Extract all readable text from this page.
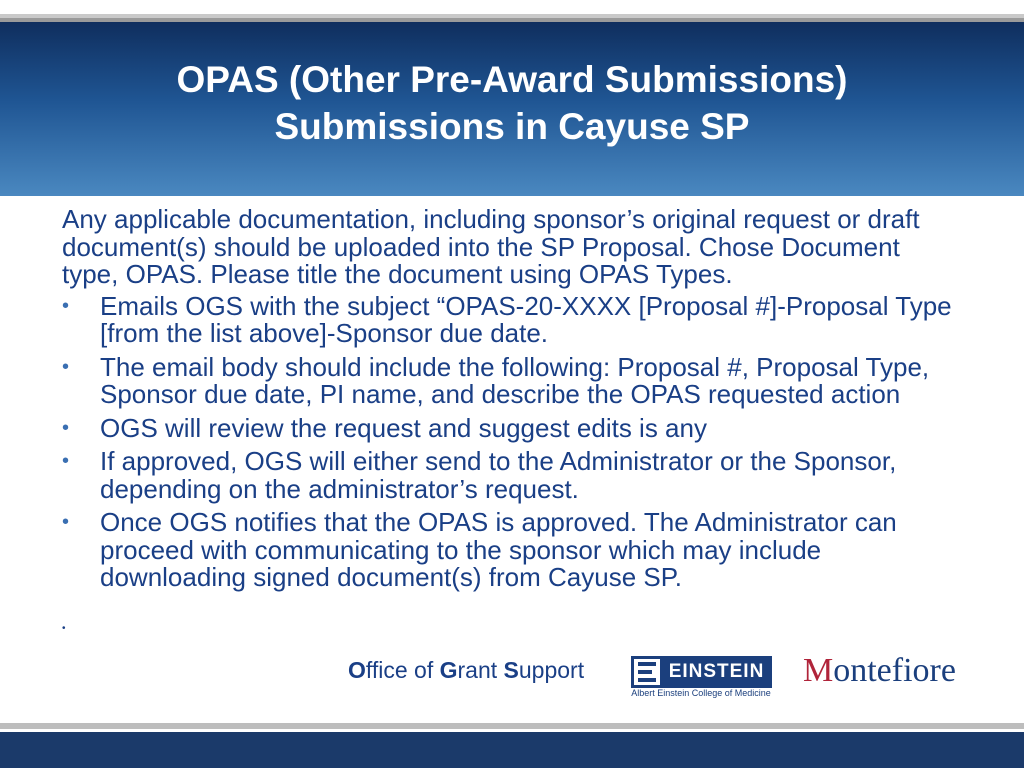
OPAS (Other Pre-Award Submissions)
Submissions in Cayuse SP

Any applicable documentation, including sponsor’s original request or draft document(s) should be uploaded into the SP Proposal. Chose Document type, OPAS. Please title the document using OPAS Types.

• Emails OGS with the subject “OPAS-20-XXXX [Proposal #]-Proposal Type [from the list above]-Sponsor due date.
• The email body should include the following: Proposal #, Proposal Type, Sponsor due date, PI name, and describe the OPAS requested action
• OGS will review the request and suggest edits is any
• If approved, OGS will either send to the Administrator or the Sponsor, depending on the administrator’s request.
• Once OGS notifies that the OPAS is approved. The Administrator can proceed with communicating to the sponsor which may include downloading signed document(s) from Cayuse SP.
•
Office of Grant Support	EINSTEIN
Albert Einstein College of Medicine
Montefiore
